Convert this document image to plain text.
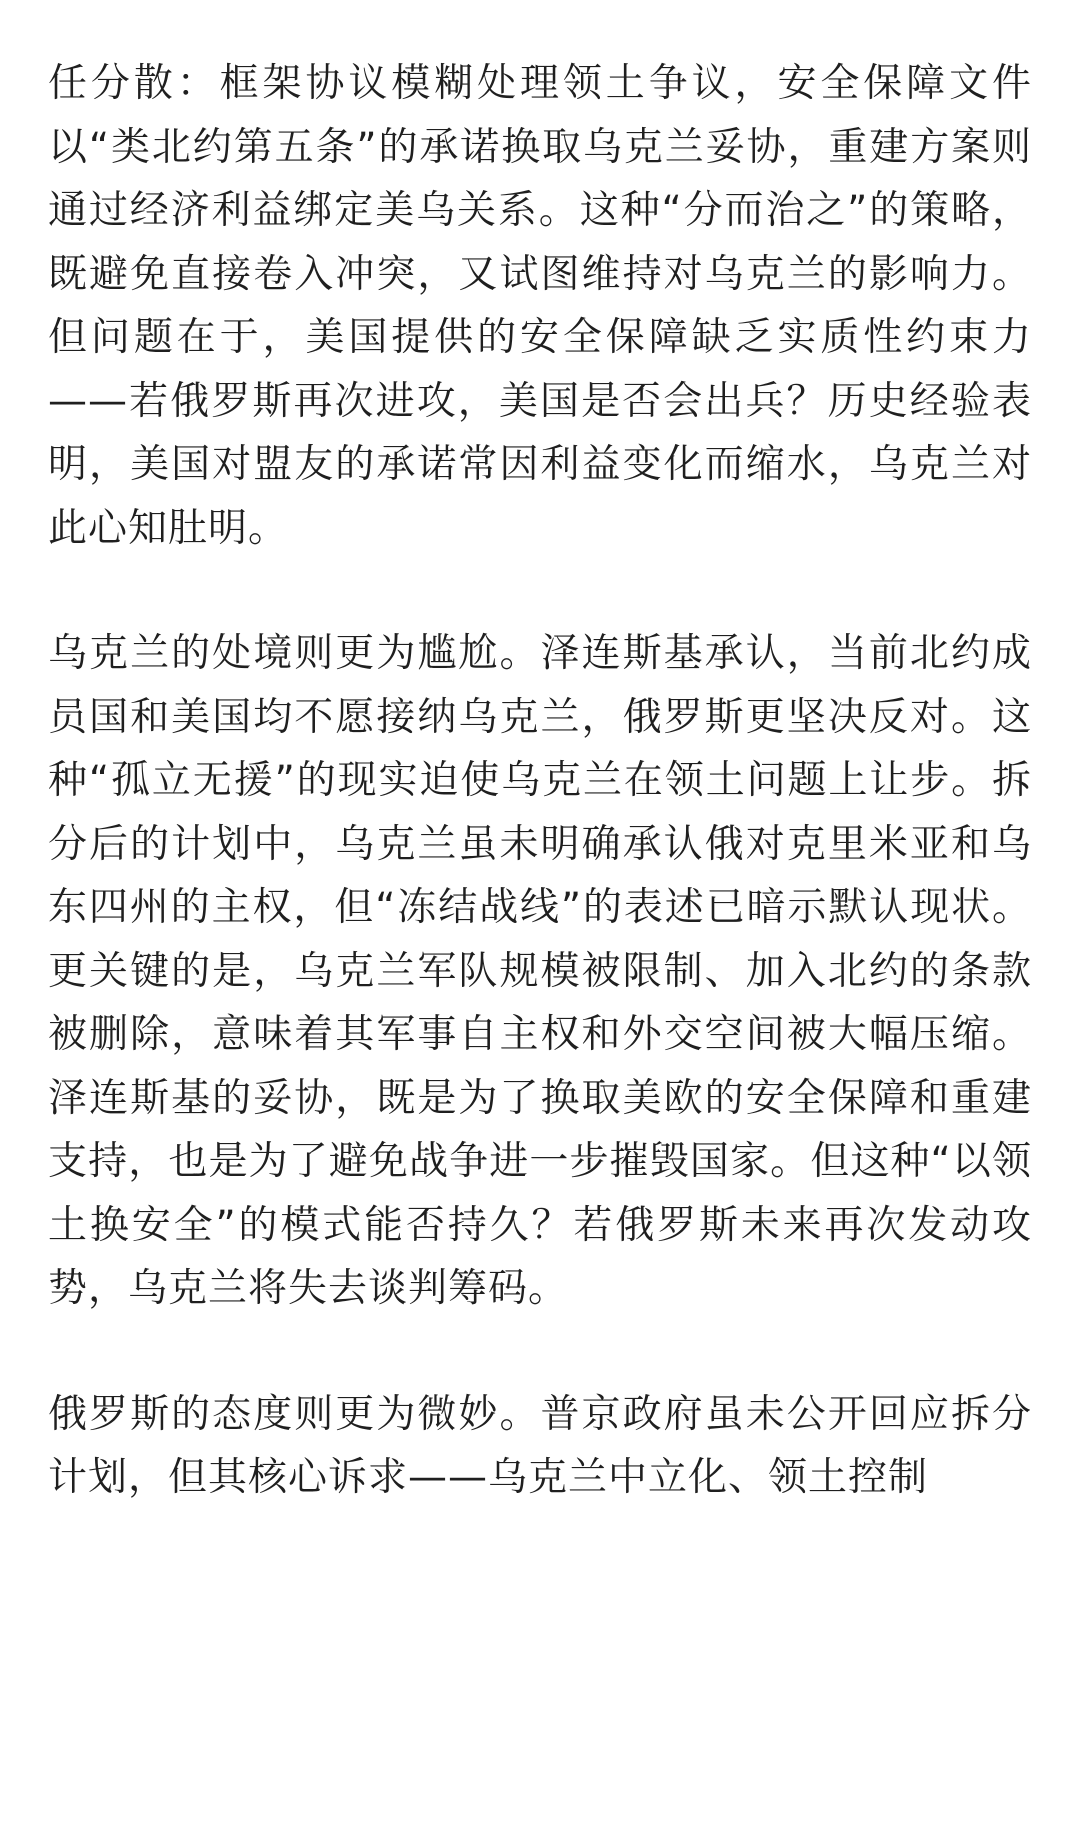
任分散：框架协议模糊处理领土争议，安全保障文件以“类北约第五条”的承诺换取乌克兰妥协，重建方案则通过经济利益绑定美乌关系。这种“分而治之”的策略，既避免直接卷入冲突，又试图维持对乌克兰的影响力。但问题在于，美国提供的安全保障缺乏实质性约束力——若俄罗斯再次进攻，美国是否会出兵？历史经验表明，美国对盟友的承诺常因利益变化而缩水，乌克兰对此心知肚明。

乌克兰的处境则更为尴尬。泽连斯基承认，当前北约成员国和美国均不愿接纳乌克兰，俄罗斯更坚决反对。这种“孤立无援”的现实迫使乌克兰在领土问题上让步。拆分后的计划中，乌克兰虽未明确承认俄对克里米亚和乌东四州的主权，但“冻结战线”的表述已暗示默认现状。更关键的是，乌克兰军队规模被限制、加入北约的条款被删除，意味着其军事自主权和外交空间被大幅压缩。泽连斯基的妥协，既是为了换取美欧的安全保障和重建支持，也是为了避免战争进一步摧毁国家。但这种“以领土换安全”的模式能否持久？若俄罗斯未来再次发动攻势，乌克兰将失去谈判筹码。

俄罗斯的态度则更为微妙。普京政府虽未公开回应拆分计划，但其核心诉求——乌克兰中立化、领土控制
